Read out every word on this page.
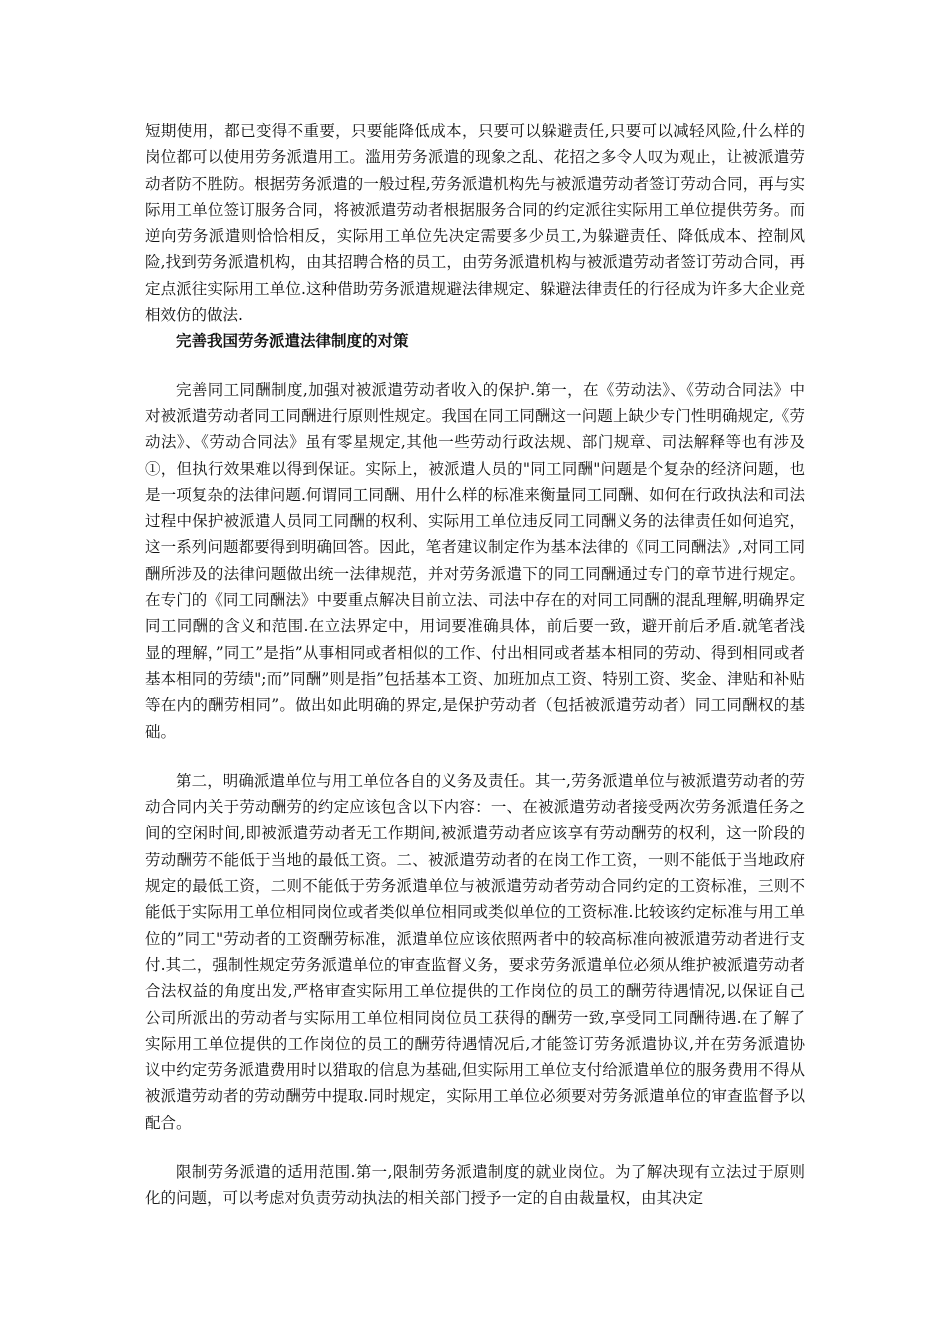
短期使用，都已变得不重要，只要能降低成本，只要可以躲避责任,只要可以减轻风险,什么样的岗位都可以使用劳务派遣用工。滥用劳务派遣的现象之乱、花招之多令人叹为观止，让被派遣劳动者防不胜防。根据劳务派遣的一般过程,劳务派遣机构先与被派遣劳动者签订劳动合同，再与实际用工单位签订服务合同，将被派遣劳动者根据服务合同的约定派往实际用工单位提供劳务。而逆向劳务派遣则恰恰相反，实际用工单位先决定需要多少员工,为躲避责任、降低成本、控制风险,找到劳务派遣机构，由其招聘合格的员工，由劳务派遣机构与被派遣劳动者签订劳动合同，再定点派往实际用工单位.这种借助劳务派遣规避法律规定、躲避法律责任的行径成为许多大企业竞相效仿的做法.

完善我国劳务派遣法律制度的对策

完善同工同酬制度,加强对被派遣劳动者收入的保护.第一，在《劳动法》、《劳动合同法》中对被派遣劳动者同工同酬进行原则性规定。我国在同工同酬这一问题上缺少专门性明确规定,《劳动法》、《劳动合同法》虽有零星规定,其他一些劳动行政法规、部门规章、司法解释等也有涉及①，但执行效果难以得到保证。实际上，被派遣人员的"同工同酬"问题是个复杂的经济问题，也是一项复杂的法律问题.何谓同工同酬、用什么样的标准来衡量同工同酬、如何在行政执法和司法过程中保护被派遣人员同工同酬的权利、实际用工单位违反同工同酬义务的法律责任如何追究，这一系列问题都要得到明确回答。因此，笔者建议制定作为基本法律的《同工同酬法》,对同工同酬所涉及的法律问题做出统一法律规范，并对劳务派遣下的同工同酬通过专门的章节进行规定。在专门的《同工同酬法》中要重点解决目前立法、司法中存在的对同工同酬的混乱理解,明确界定同工同酬的含义和范围.在立法界定中，用词要准确具体，前后要一致，避开前后矛盾.就笔者浅显的理解，”同工”是指”从事相同或者相似的工作、付出相同或者基本相同的劳动、得到相同或者基本相同的劳绩";而”同酬”则是指”包括基本工资、加班加点工资、特别工资、奖金、津贴和补贴等在内的酬劳相同”。做出如此明确的界定,是保护劳动者（包括被派遣劳动者）同工同酬权的基础。

第二，明确派遣单位与用工单位各自的义务及责任。其一,劳务派遣单位与被派遣劳动者的劳动合同内关于劳动酬劳的约定应该包含以下内容：一、在被派遣劳动者接受两次劳务派遣任务之间的空闲时间,即被派遣劳动者无工作期间,被派遣劳动者应该享有劳动酬劳的权利，这一阶段的劳动酬劳不能低于当地的最低工资。二、被派遣劳动者的在岗工作工资，一则不能低于当地政府规定的最低工资，二则不能低于劳务派遣单位与被派遣劳动者劳动合同约定的工资标准，三则不能低于实际用工单位相同岗位或者类似单位相同或类似单位的工资标准.比较该约定标准与用工单位的”同工"劳动者的工资酬劳标准，派遣单位应该依照两者中的较高标准向被派遣劳动者进行支付.其二，强制性规定劳务派遣单位的审查监督义务，要求劳务派遣单位必须从维护被派遣劳动者合法权益的角度出发,严格审查实际用工单位提供的工作岗位的员工的酬劳待遇情况,以保证自己公司所派出的劳动者与实际用工单位相同岗位员工获得的酬劳一致,享受同工同酬待遇.在了解了实际用工单位提供的工作岗位的员工的酬劳待遇情况后,才能签订劳务派遣协议,并在劳务派遣协议中约定劳务派遣费用时以猎取的信息为基础,但实际用工单位支付给派遣单位的服务费用不得从被派遣劳动者的劳动酬劳中提取.同时规定，实际用工单位必须要对劳务派遣单位的审查监督予以配合。

限制劳务派遣的适用范围.第一,限制劳务派遣制度的就业岗位。为了解决现有立法过于原则化的问题，可以考虑对负责劳动执法的相关部门授予一定的自由裁量权，由其决定
